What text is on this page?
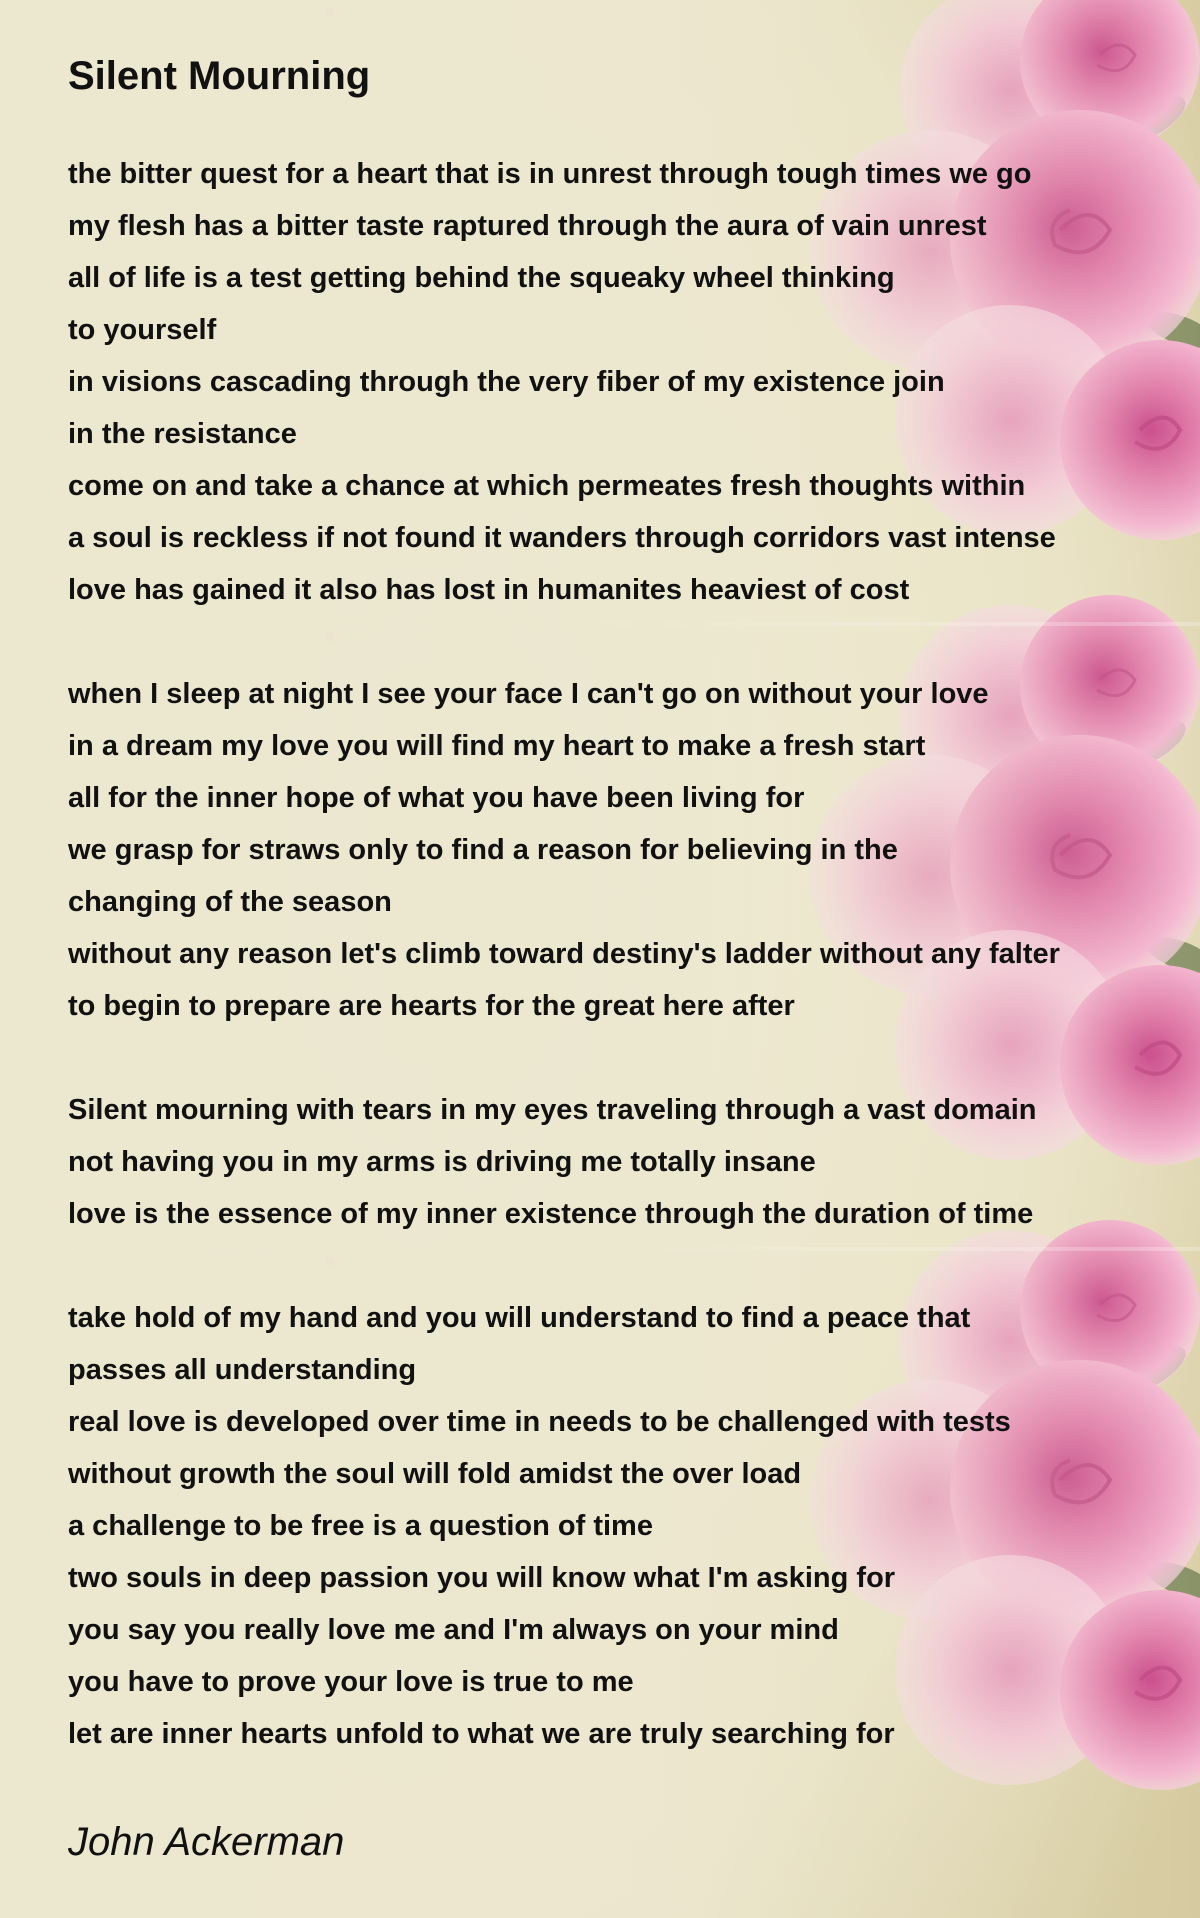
Silent Mourning
the bitter quest for a heart that is in unrest through tough times we go
my flesh has a bitter taste raptured through the aura of vain unrest
all of life is a test getting behind the squeaky wheel thinking
to yourself
in visions cascading through the very fiber of my existence join
in the resistance
come on and take a chance at which permeates fresh thoughts within
a soul is reckless if not found it wanders through corridors vast intense
love has gained it also has lost in humanites heaviest of cost
when I sleep at night I see your face I can't go on without your love
in a dream my love you will find my heart to make a fresh start
all for the inner hope of what you have been living for
we grasp for straws only to find a reason for believing in the
changing of the season
without any reason let's climb toward destiny's ladder without any falter
to begin to prepare are hearts for the great here after
Silent mourning with tears in my eyes traveling through a vast domain
not having you in my arms is driving me totally insane
love is the essence of my inner existence through the duration of time
take hold of my hand and you will understand to find a peace that
passes all understanding
real love is developed over time in needs to be challenged with tests
without growth the soul will fold amidst the over load
a challenge to be free is a question of time
two souls in deep passion you will know what I'm asking for
you say you really love me and I'm always on your mind
you have to prove your love is true to me
let are inner hearts unfold to what we are truly searching for
John Ackerman
